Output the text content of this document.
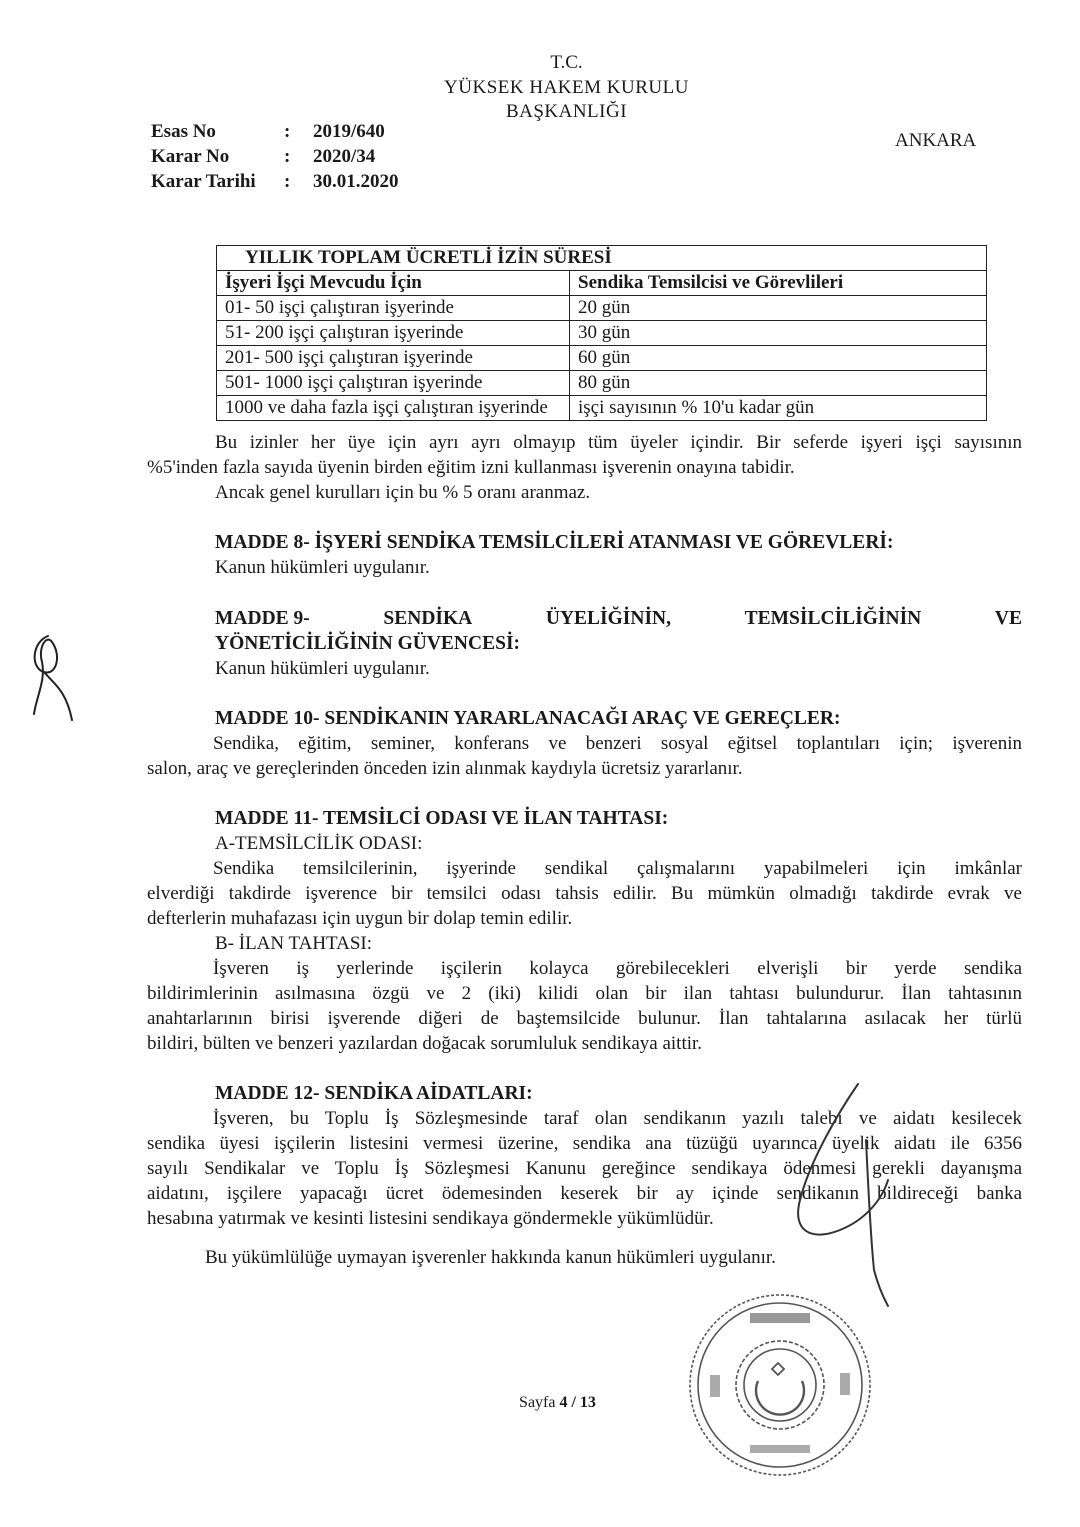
T.C.
YÜKSEK HAKEM KURULU
BAŞKANLIĞI
ANKARA
Esas No	: 2019/640
Karar No	: 2020/34
Karar Tarihi : 30.01.2020
YILLIK TOPLAM ÜCRETLİ İZİN SÜRESİ	
İşyeri İşçi Mevcudu İçin	Sendika Temsilcisi ve Görevlileri
01- 50 işçi çalıştıran işyerinde	20 gün
51- 200 işçi çalıştıran işyerinde	30 gün
201- 500 işçi çalıştıran işyerinde	60 gün
501- 1000 işçi çalıştıran işyerinde	80 gün
1000 ve daha fazla işçi çalıştıran işyerinde	işçi sayısının % 10'u kadar gün
Bu izinler her üye için ayrı ayrı olmayıp tüm üyeler içindir. Bir seferde işyeri işçi sayısının
%5'inden fazla sayıda üyenin birden eğitim izni kullanması işverenin onayına tabidir.
Ancak genel kurulları için bu % 5 oranı aranmaz.
MADDE 8- İŞYERİ SENDİKA TEMSİLCİLERİ ATANMASI VE GÖREVLERİ:
Kanun hükümleri uygulanır.
MADDE 9-	SENDİKA	ÜYELİĞİNİN,	TEMSİLCİLİĞİNİN	VE
YÖNETİCİLİĞİNİN GÜVENCESİ:
Kanun hükümleri uygulanır.
MADDE 10- SENDİKANIN YARARLANACAĞI ARAÇ VE GEREÇLER:
Sendika, eğitim, seminer, konferans ve benzeri sosyal eğitsel toplantıları için; işverenin
salon, araç ve gereçlerinden önceden izin alınmak kaydıyla ücretsiz yararlanır.
MADDE 11- TEMSİLCİ ODASI VE İLAN TAHTASI:
A-TEMSİLCİLİK ODASI:
Sendika temsilcilerinin, işyerinde sendikal çalışmalarını yapabilmeleri için imkânlar
elverdiği takdirde işverence bir temsilci odası tahsis edilir. Bu mümkün olmadığı takdirde evrak ve
defterlerin muhafazası için uygun bir dolap temin edilir.
B- İLAN TAHTASI:
İşveren iş yerlerinde işçilerin kolayca görebilecekleri elverişli bir yerde sendika
bildirimlerinin asılmasına özgü ve 2 (iki) kilidi olan bir ilan tahtası bulundurur. İlan tahtasının
anahtarlarının birisi işverende diğeri de baştemsilcide bulunur. İlan tahtalarına asılacak her türlü
bildiri, bülten ve benzeri yazılardan doğacak sorumluluk sendikaya aittir.
MADDE 12- SENDİKA AİDATLARI:
İşveren, bu Toplu İş Sözleşmesinde taraf olan sendikanın yazılı talebi ve aidatı kesilecek
sendika üyesi işçilerin listesini vermesi üzerine, sendika ana tüzüğü uyarınca üyelik aidatı ile 6356
sayılı Sendikalar ve Toplu İş Sözleşmesi Kanunu gereğince sendikaya ödenmesi gerekli dayanışma
aidatını, işçilere yapacağı ücret ödemesinden keserek bir ay içinde sendikanın bildireceği banka
hesabına yatırmak ve kesinti listesini sendikaya göndermekle yükümlüdür.
Bu yükümlülüğe uymayan işverenler hakkında kanun hükümleri uygulanır.
Sayfa 4 / 13
